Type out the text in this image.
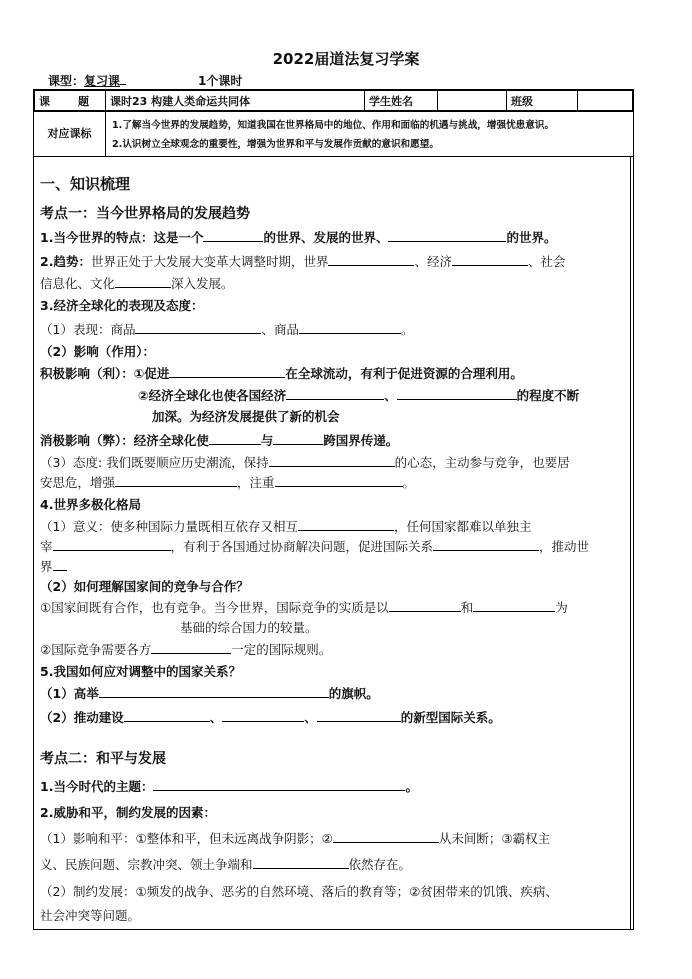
2022届道法复习学案
课型：复习课	1个课时
课　　题	课时23 构建人类命运共同体	学生姓名		班级	
对应课标
1.了解当今世界的发展趋势，知道我国在世界格局中的地位、作用和面临的机遇与挑战，增强忧患意识。
2.认识树立全球观念的重要性，增强为世界和平与发展作贡献的意识和愿望。
一、知识梳理
考点一：当今世界格局的发展趋势
1.当今世界的特点：这是一个	的世界、发展的世界、	的世界。
2.趋势：世界正处于大发展大变革大调整时期，世界	、经济	、社会
信息化、文化	深入发展。
3.经济全球化的表现及态度：
（1）表现：商品	、商品	。
（2）影响（作用）：
积极影响（利）：①促进	在全球流动，有利于促进资源的合理利用。
②经济全球化也使各国经济	、	的程度不断
加深。为经济发展提供了新的机会
消极影响（弊）：经济全球化使	与	跨国界传递。
（3）态度: 我们既要顺应历史潮流，保持	的心态，主动参与竞争，也要居
安思危，增强	，注重	。
4.世界多极化格局
（1）意义：使多种国际力量既相互依存又相互	，任何国家都难以单独主
宰	，有利于各国通过协商解决问题，促进国际关系	，推动世
界
（2）如何理解国家间的竞争与合作？
①国家间既有合作，也有竞争。当今世界，国际竞争的实质是以	和	为
基础的综合国力的较量。
②国际竞争需要各方	一定的国际规则。
5.我国如何应对调整中的国家关系？
（1）高举	的旗帜。
（2）推动建设	、	、	的新型国际关系。
考点二：和平与发展
1.当今时代的主题：	。
2.威胁和平，制约发展的因素：
（1）影响和平：①整体和平，但未远离战争阴影；②	从未间断；③霸权主
义、民族问题、宗教冲突、领土争端和	依然存在。
（2）制约发展：①频发的战争、恶劣的自然环境、落后的教育等；②贫困带来的饥饿、疾病、
社会冲突等问题。
